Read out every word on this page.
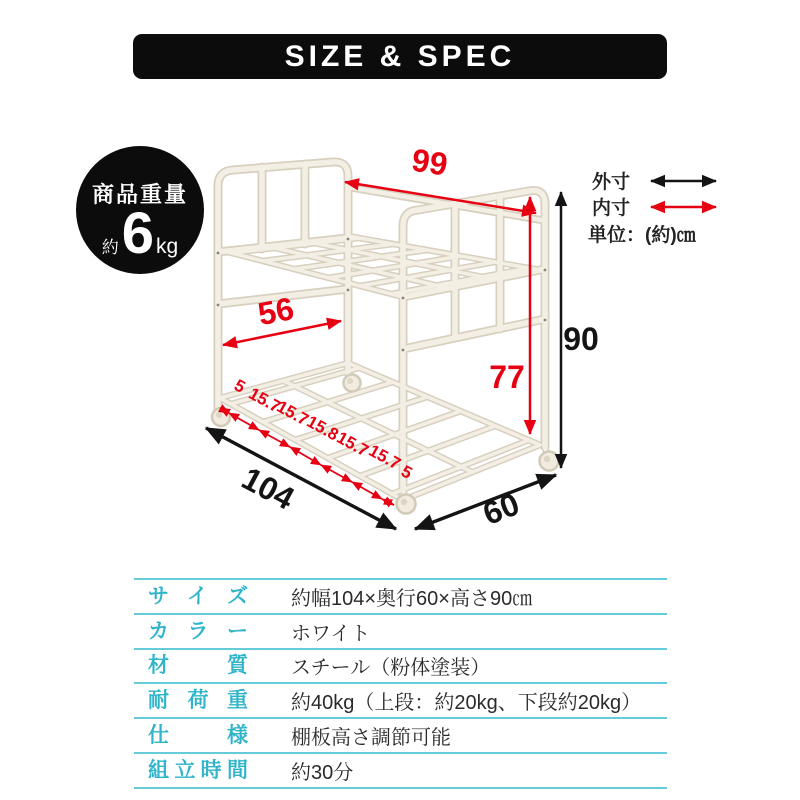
SIZE & SPEC
商品重量
約 6 kg
99
56
77
90
104	60
5
15.7
15.7
15.8
15.7
15.7
5
外寸
内寸
単位：(約)㎝
サイズ 約幅104×奥行60×高さ90㎝
カラー ホワイト
材質 スチール（粉体塗装）
耐荷重 約40kg（上段：約20kg、下段約20kg）
仕様 棚板高さ調節可能
組立時間 約30分
